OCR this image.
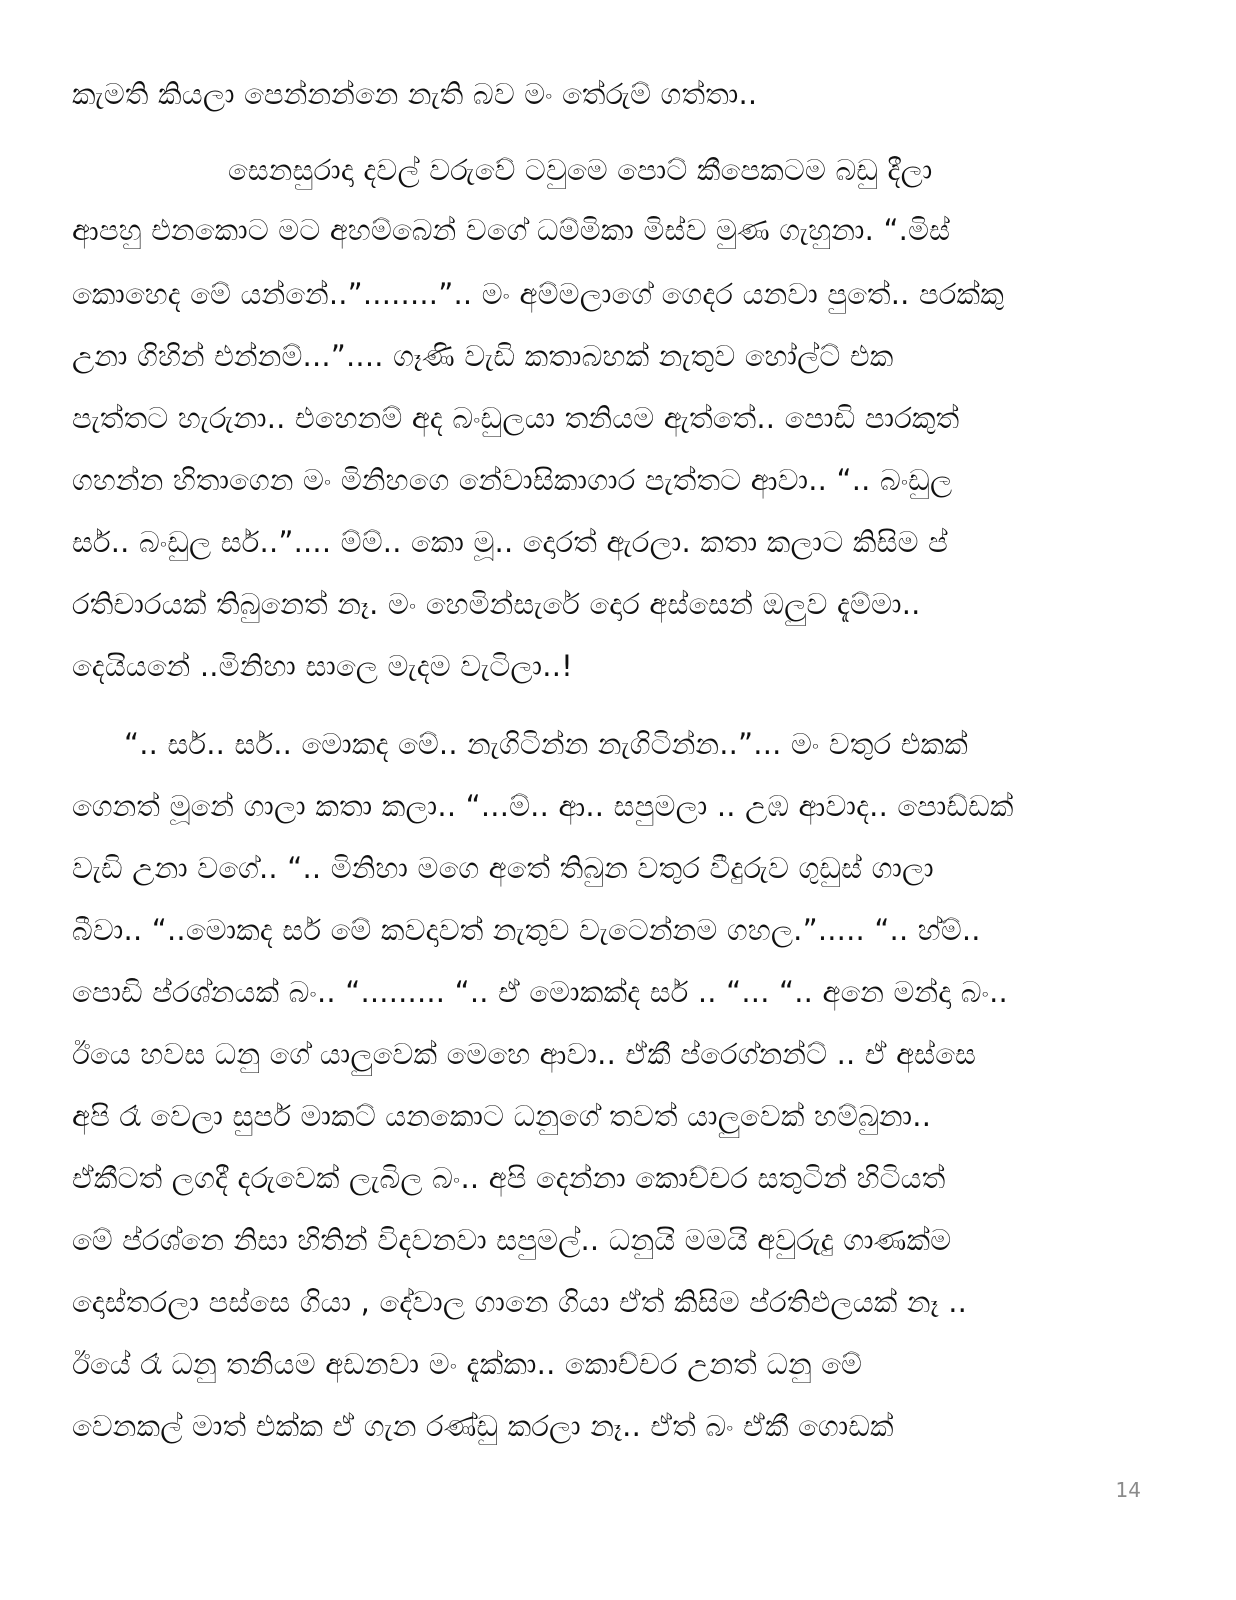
කැමති කියලා පෙන්නන්නෙ නැති බව මං තේරුම් ගත්තා..
සෙනසුරාදා දවල් වරුවේ ටවුමෙ පොට් කීපෙකටම බඩු දීලා
ආපහු එනකොට මට අහම්බෙන් වගේ ධම්මිකා මිස්ව මුණ ගැහුනා. “.මිස්
කොහෙද මේ යන්නේ..”........”.. මං අම්මලාගේ ගෙදර යනවා පුතේ.. පරක්කු
උනා ගිහින් එන්නම්...”.... ගෑණි වැඩි කතාබහක් නැතුව හෝල්ට් එක
පැත්තට හැරුනා.. එහෙනම් අද බංඩුලයා තනියම ඇත්තේ.. පොඩි පාරකුත්
ගහන්න හිතාගෙන මං මිනිහගෙ නේවාසිකාගාර පැත්තට ආවා.. “.. බංඩුල
සර්.. බංඩුල සර්..”.... ම්ම්.. කො මූ.. දොරත් ඇරලා. කතා කලාට කිසිම ප්
රතිචාරයක් තිබුනෙත් නෑ. මං හෙමින්සැරේ දොර අස්සෙන් ඔලුව දැම්මා..
දෙයියනේ ..මිනිහා සාලෙ මැදම වැටිලා..!
“.. සර්.. සර්.. මොකද මේ.. නැගිටින්න නැගිටින්න..”... මං වතුර එකක්
ගෙනත් මූනේ ගාලා කතා කලා.. “...ම්.. ආ.. සපුමලා .. උඹ ආවාද.. පොඩ්ඩක්
වැඩි උනා වගේ.. “.. මිනිහා මගෙ අතේ තිබුන වතුර වීදුරුව ගුඩුස් ගාලා
බීවා.. “..මොකද සර් මේ කවදාවත් නැතුව වැටෙන්නම ගහල.”..... “.. හ්ම්..
පොඩි ප්රශ්නයක් බං.. “......... “.. ඒ මොකක්ද සර් .. “... “.. අනෙ මන්දා බං..
ඊයෙ හවස ධනු ගේ යාලුවෙක් මෙහෙ ආවා.. ඒකී ප්රෙග්නන්ට් .. ඒ අස්සෙ
අපි රෑ වෙලා සුපර් මාකට් යනකොට ධනුගේ තවත් යාලුවෙක් හම්බුනා..
ඒකීටත් ලගදී දරුවෙක් ලැබිල බං.. අපි දෙන්නා කොච්චර සතුටින් හිටියත්
මේ ප්රශ්නෙ නිසා හිතින් විදවනවා සපුමල්.. ධනුයි මමයි අවුරුදු ගාණක්ම
දොස්තරලා පස්සෙ ගියා , දේවාල ගානෙ ගියා ඒත් කිසිම ප්රතිඵලයක් නෑ ..
ඊයේ රෑ ධනු තනියම අඩනවා මං දැක්කා.. කොච්චර උනත් ධනු මේ
වෙනකල් මාත් එක්ක ඒ ගැන රණ්ඩු කරලා නෑ.. ඒත් බං ඒකී ගොඩක්
14
